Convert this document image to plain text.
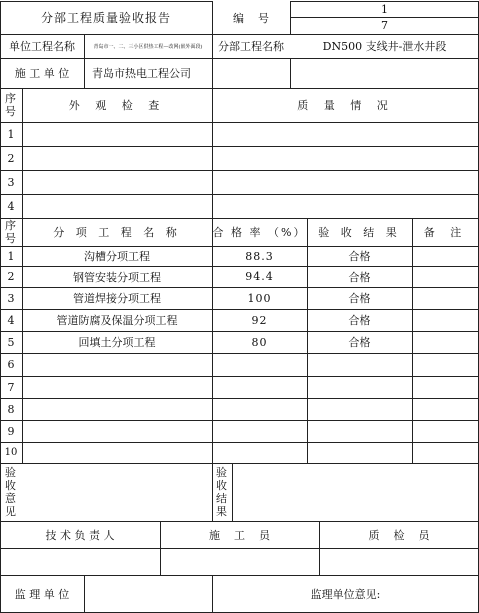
分部工程质量验收报告	编    号
1
7
单位工程名称	青岛市一、二、三小区供热工程—改网(嵌外面段)	分部工程名称	DN500 支线井-泄水井段
施 工 单 位	青岛市热电工程公司
序号	外 观 检 查	质 量 情 况
1
2
3
4
序号	分 项 工 程 名 称	合 格 率 （%）	验 收 结 果	备 注
1	沟槽分项工程	88.3	合格
2	钢管安装分项工程	94.4	合格
3	管道焊接分项工程	100	合格
4	管道防腐及保温分项工程	92	合格
5	回填土分项工程	80	合格
6
7
8
9
10
验收意见
验收结果
技 术 负 责 人	施    工    员	质    检    员
监 理 单 位	监理单位意见:
